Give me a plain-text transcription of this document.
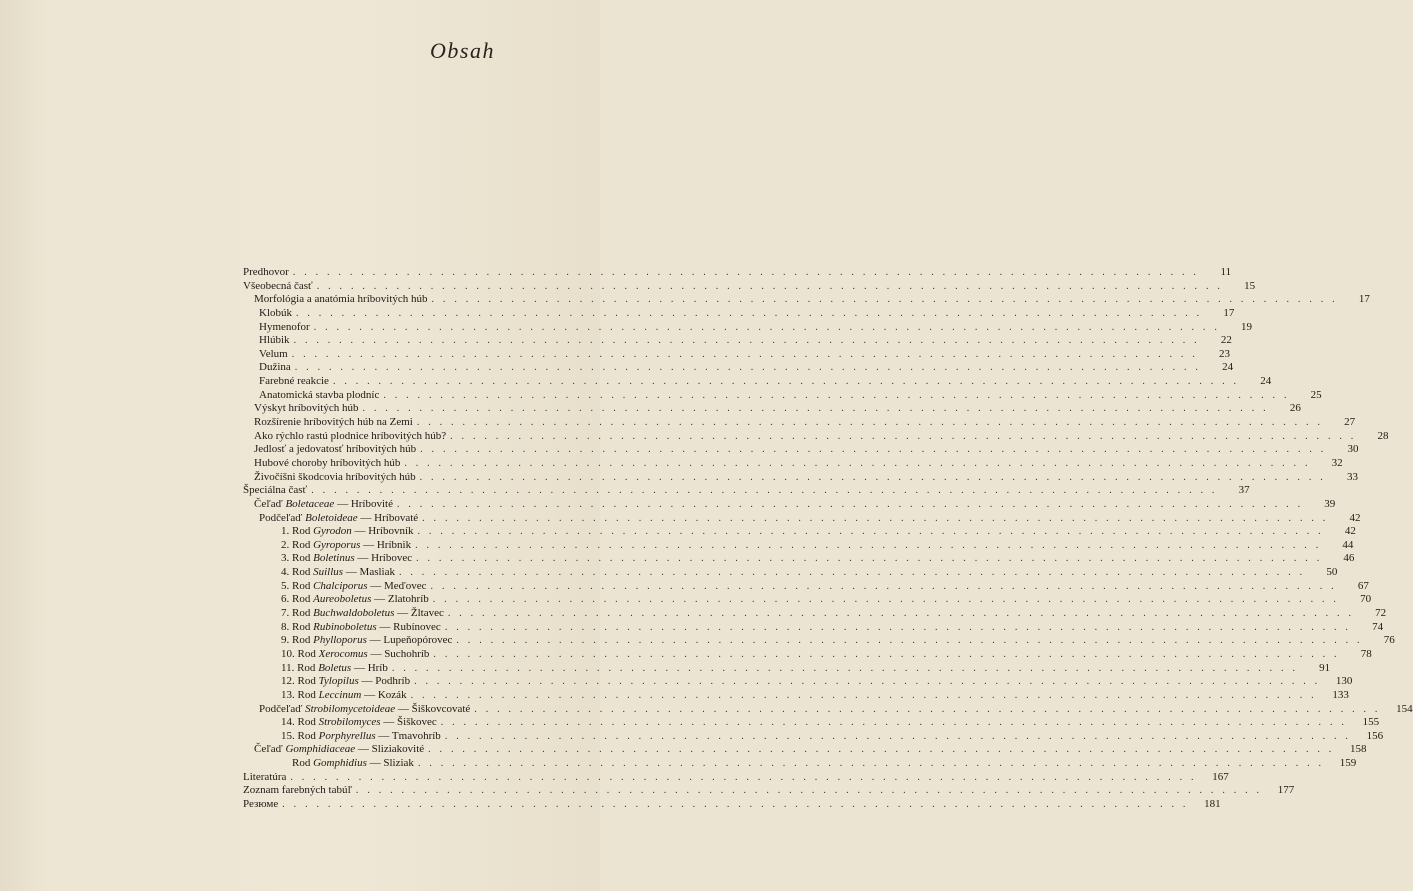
Obsah
Predhovor . . . . . . . . . . . . . . . . . . . . . . . . . . . . . . . . . . . . . . . . . . . . . . . . . . . . . . . . . . . . . . . . . . . . . . . . . . . . . . . .	11
Všeobecná časť . . . . . . . . . . . . . . . . . . . . . . . . . . . . . . . . . . . . . . . . . . . . . . . . . . . . . . . . . . . . . . . . . . . . . . . . . . . . . . . .	15
Morfológia a anatómia hríbovitých húb . . . . . . . . . . . . . . . . . . . . . . . . . . . . . . . . . . . . . . . . . . . . . . . . . . . . . . . . . . . . . . . . . . . . . . . . . . . . . . . .	17
Klobúk . . . . . . . . . . . . . . . . . . . . . . . . . . . . . . . . . . . . . . . . . . . . . . . . . . . . . . . . . . . . . . . . . . . . . . . . . . . . . . . .	17
Hymenofor . . . . . . . . . . . . . . . . . . . . . . . . . . . . . . . . . . . . . . . . . . . . . . . . . . . . . . . . . . . . . . . . . . . . . . . . . . . . . . . .	19
Hlúbik . . . . . . . . . . . . . . . . . . . . . . . . . . . . . . . . . . . . . . . . . . . . . . . . . . . . . . . . . . . . . . . . . . . . . . . . . . . . . . . .	22
Velum . . . . . . . . . . . . . . . . . . . . . . . . . . . . . . . . . . . . . . . . . . . . . . . . . . . . . . . . . . . . . . . . . . . . . . . . . . . . . . . .	23
Dužina . . . . . . . . . . . . . . . . . . . . . . . . . . . . . . . . . . . . . . . . . . . . . . . . . . . . . . . . . . . . . . . . . . . . . . . . . . . . . . . .	24
Farebné reakcie . . . . . . . . . . . . . . . . . . . . . . . . . . . . . . . . . . . . . . . . . . . . . . . . . . . . . . . . . . . . . . . . . . . . . . . . . . . . . . . .	24
Anatomická stavba plodníc . . . . . . . . . . . . . . . . . . . . . . . . . . . . . . . . . . . . . . . . . . . . . . . . . . . . . . . . . . . . . . . . . . . . . . . . . . . . . . . .	25
Výskyt hríbovitých húb . . . . . . . . . . . . . . . . . . . . . . . . . . . . . . . . . . . . . . . . . . . . . . . . . . . . . . . . . . . . . . . . . . . . . . . . . . . . . . . .	26
Rozšírenie hríbovitých húb na Zemi . . . . . . . . . . . . . . . . . . . . . . . . . . . . . . . . . . . . . . . . . . . . . . . . . . . . . . . . . . . . . . . . . . . . . . . . . . . . . . . .	27
Ako rýchlo rastú plodnice hríbovitých húb? . . . . . . . . . . . . . . . . . . . . . . . . . . . . . . . . . . . . . . . . . . . . . . . . . . . . . . . . . . . . . . . . . . . . . . . . . . . . . . . .	28
Jedlosť a jedovatosť hríbovitých húb . . . . . . . . . . . . . . . . . . . . . . . . . . . . . . . . . . . . . . . . . . . . . . . . . . . . . . . . . . . . . . . . . . . . . . . . . . . . . . . .	30
Hubové choroby hríbovitých húb . . . . . . . . . . . . . . . . . . . . . . . . . . . . . . . . . . . . . . . . . . . . . . . . . . . . . . . . . . . . . . . . . . . . . . . . . . . . . . . .	32
Živočíšni škodcovia hríbovitých húb . . . . . . . . . . . . . . . . . . . . . . . . . . . . . . . . . . . . . . . . . . . . . . . . . . . . . . . . . . . . . . . . . . . . . . . . . . . . . . . .	33
Špeciálna časť . . . . . . . . . . . . . . . . . . . . . . . . . . . . . . . . . . . . . . . . . . . . . . . . . . . . . . . . . . . . . . . . . . . . . . . . . . . . . . . .	37
Čeľaď Boletaceae — Hríbovité . . . . . . . . . . . . . . . . . . . . . . . . . . . . . . . . . . . . . . . . . . . . . . . . . . . . . . . . . . . . . . . . . . . . . . . . . . . . . . . .	39
Podčeľaď Boletoideae — Hríbovaté . . . . . . . . . . . . . . . . . . . . . . . . . . . . . . . . . . . . . . . . . . . . . . . . . . . . . . . . . . . . . . . . . . . . . . . . . . . . . . . .	42
1. Rod Gyrodon — Hríbovník . . . . . . . . . . . . . . . . . . . . . . . . . . . . . . . . . . . . . . . . . . . . . . . . . . . . . . . . . . . . . . . . . . . . . . . . . . . . . . . .	42
2. Rod Gyroporus — Hríbnik . . . . . . . . . . . . . . . . . . . . . . . . . . . . . . . . . . . . . . . . . . . . . . . . . . . . . . . . . . . . . . . . . . . . . . . . . . . . . . . .	44
3. Rod Boletinus — Hríbovec . . . . . . . . . . . . . . . . . . . . . . . . . . . . . . . . . . . . . . . . . . . . . . . . . . . . . . . . . . . . . . . . . . . . . . . . . . . . . . . .	46
4. Rod Suillus — Masliak . . . . . . . . . . . . . . . . . . . . . . . . . . . . . . . . . . . . . . . . . . . . . . . . . . . . . . . . . . . . . . . . . . . . . . . . . . . . . . . .	50
5. Rod Chalciporus — Meďovec . . . . . . . . . . . . . . . . . . . . . . . . . . . . . . . . . . . . . . . . . . . . . . . . . . . . . . . . . . . . . . . . . . . . . . . . . . . . . . . .	67
6. Rod Aureoboletus — Zlatohríb . . . . . . . . . . . . . . . . . . . . . . . . . . . . . . . . . . . . . . . . . . . . . . . . . . . . . . . . . . . . . . . . . . . . . . . . . . . . . . . .	70
7. Rod Buchwaldoboletus — Žltavec . . . . . . . . . . . . . . . . . . . . . . . . . . . . . . . . . . . . . . . . . . . . . . . . . . . . . . . . . . . . . . . . . . . . . . . . . . . . . . . .	72
8. Rod Rubinoboletus — Rubínovec . . . . . . . . . . . . . . . . . . . . . . . . . . . . . . . . . . . . . . . . . . . . . . . . . . . . . . . . . . . . . . . . . . . . . . . . . . . . . . . .	74
9. Rod Phylloporus — Lupeňopórovec . . . . . . . . . . . . . . . . . . . . . . . . . . . . . . . . . . . . . . . . . . . . . . . . . . . . . . . . . . . . . . . . . . . . . . . . . . . . . . . .	76
10. Rod Xerocomus — Suchohríb . . . . . . . . . . . . . . . . . . . . . . . . . . . . . . . . . . . . . . . . . . . . . . . . . . . . . . . . . . . . . . . . . . . . . . . . . . . . . . . .	78
11. Rod Boletus — Hríb . . . . . . . . . . . . . . . . . . . . . . . . . . . . . . . . . . . . . . . . . . . . . . . . . . . . . . . . . . . . . . . . . . . . . . . . . . . . . . . .	91
12. Rod Tylopilus — Podhríb . . . . . . . . . . . . . . . . . . . . . . . . . . . . . . . . . . . . . . . . . . . . . . . . . . . . . . . . . . . . . . . . . . . . . . . . . . . . . . . .	130
13. Rod Leccinum — Kozák . . . . . . . . . . . . . . . . . . . . . . . . . . . . . . . . . . . . . . . . . . . . . . . . . . . . . . . . . . . . . . . . . . . . . . . . . . . . . . . .	133
Podčeľaď Strobilomycetoideae — Šiškovcovaté . . . . . . . . . . . . . . . . . . . . . . . . . . . . . . . . . . . . . . . . . . . . . . . . . . . . . . . . . . . . . . . . . . . . . . . . . . . . . . . .	154
14. Rod Strobilomyces — Šiškovec . . . . . . . . . . . . . . . . . . . . . . . . . . . . . . . . . . . . . . . . . . . . . . . . . . . . . . . . . . . . . . . . . . . . . . . . . . . . . . . .	155
15. Rod Porphyrellus — Tmavohríb . . . . . . . . . . . . . . . . . . . . . . . . . . . . . . . . . . . . . . . . . . . . . . . . . . . . . . . . . . . . . . . . . . . . . . . . . . . . . . . .	156
Čeľaď Gomphidiaceae — Sliziakovité . . . . . . . . . . . . . . . . . . . . . . . . . . . . . . . . . . . . . . . . . . . . . . . . . . . . . . . . . . . . . . . . . . . . . . . . . . . . . . . .	158
Rod Gomphidius — Sliziak . . . . . . . . . . . . . . . . . . . . . . . . . . . . . . . . . . . . . . . . . . . . . . . . . . . . . . . . . . . . . . . . . . . . . . . . . . . . . . . .	159
Literatúra . . . . . . . . . . . . . . . . . . . . . . . . . . . . . . . . . . . . . . . . . . . . . . . . . . . . . . . . . . . . . . . . . . . . . . . . . . . . . . . .	167
Zoznam farebných tabúľ . . . . . . . . . . . . . . . . . . . . . . . . . . . . . . . . . . . . . . . . . . . . . . . . . . . . . . . . . . . . . . . . . . . . . . . . . . . . . . . .	177
Резюме . . . . . . . . . . . . . . . . . . . . . . . . . . . . . . . . . . . . . . . . . . . . . . . . . . . . . . . . . . . . . . . . . . . . . . . . . . . . . . . .	181
